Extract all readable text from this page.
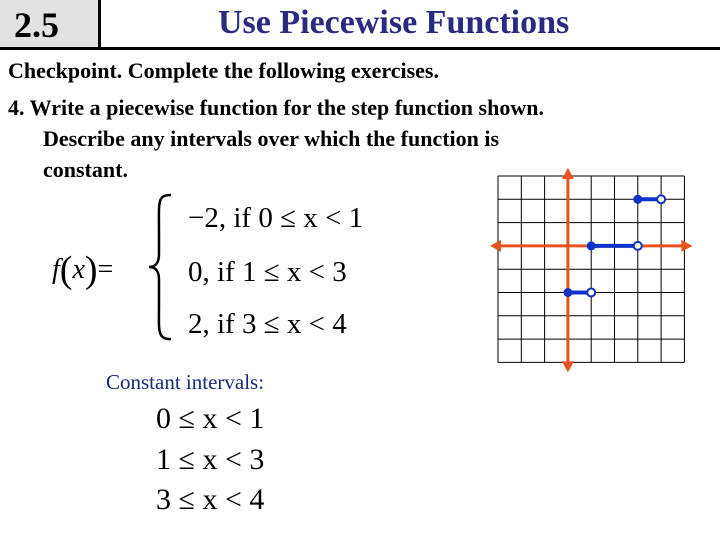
2.5	Use Piecewise Functions
Checkpoint. Complete the following exercises.
4. Write a piecewise function for the step function shown.
Describe any intervals over which the function is
constant.
f(x)=
−2, if 0 ≤ x < 1
0, if 1 ≤ x < 3
2, if 3 ≤ x < 4
Constant intervals:
0 ≤ x < 1
1 ≤ x < 3
3 ≤ x < 4
